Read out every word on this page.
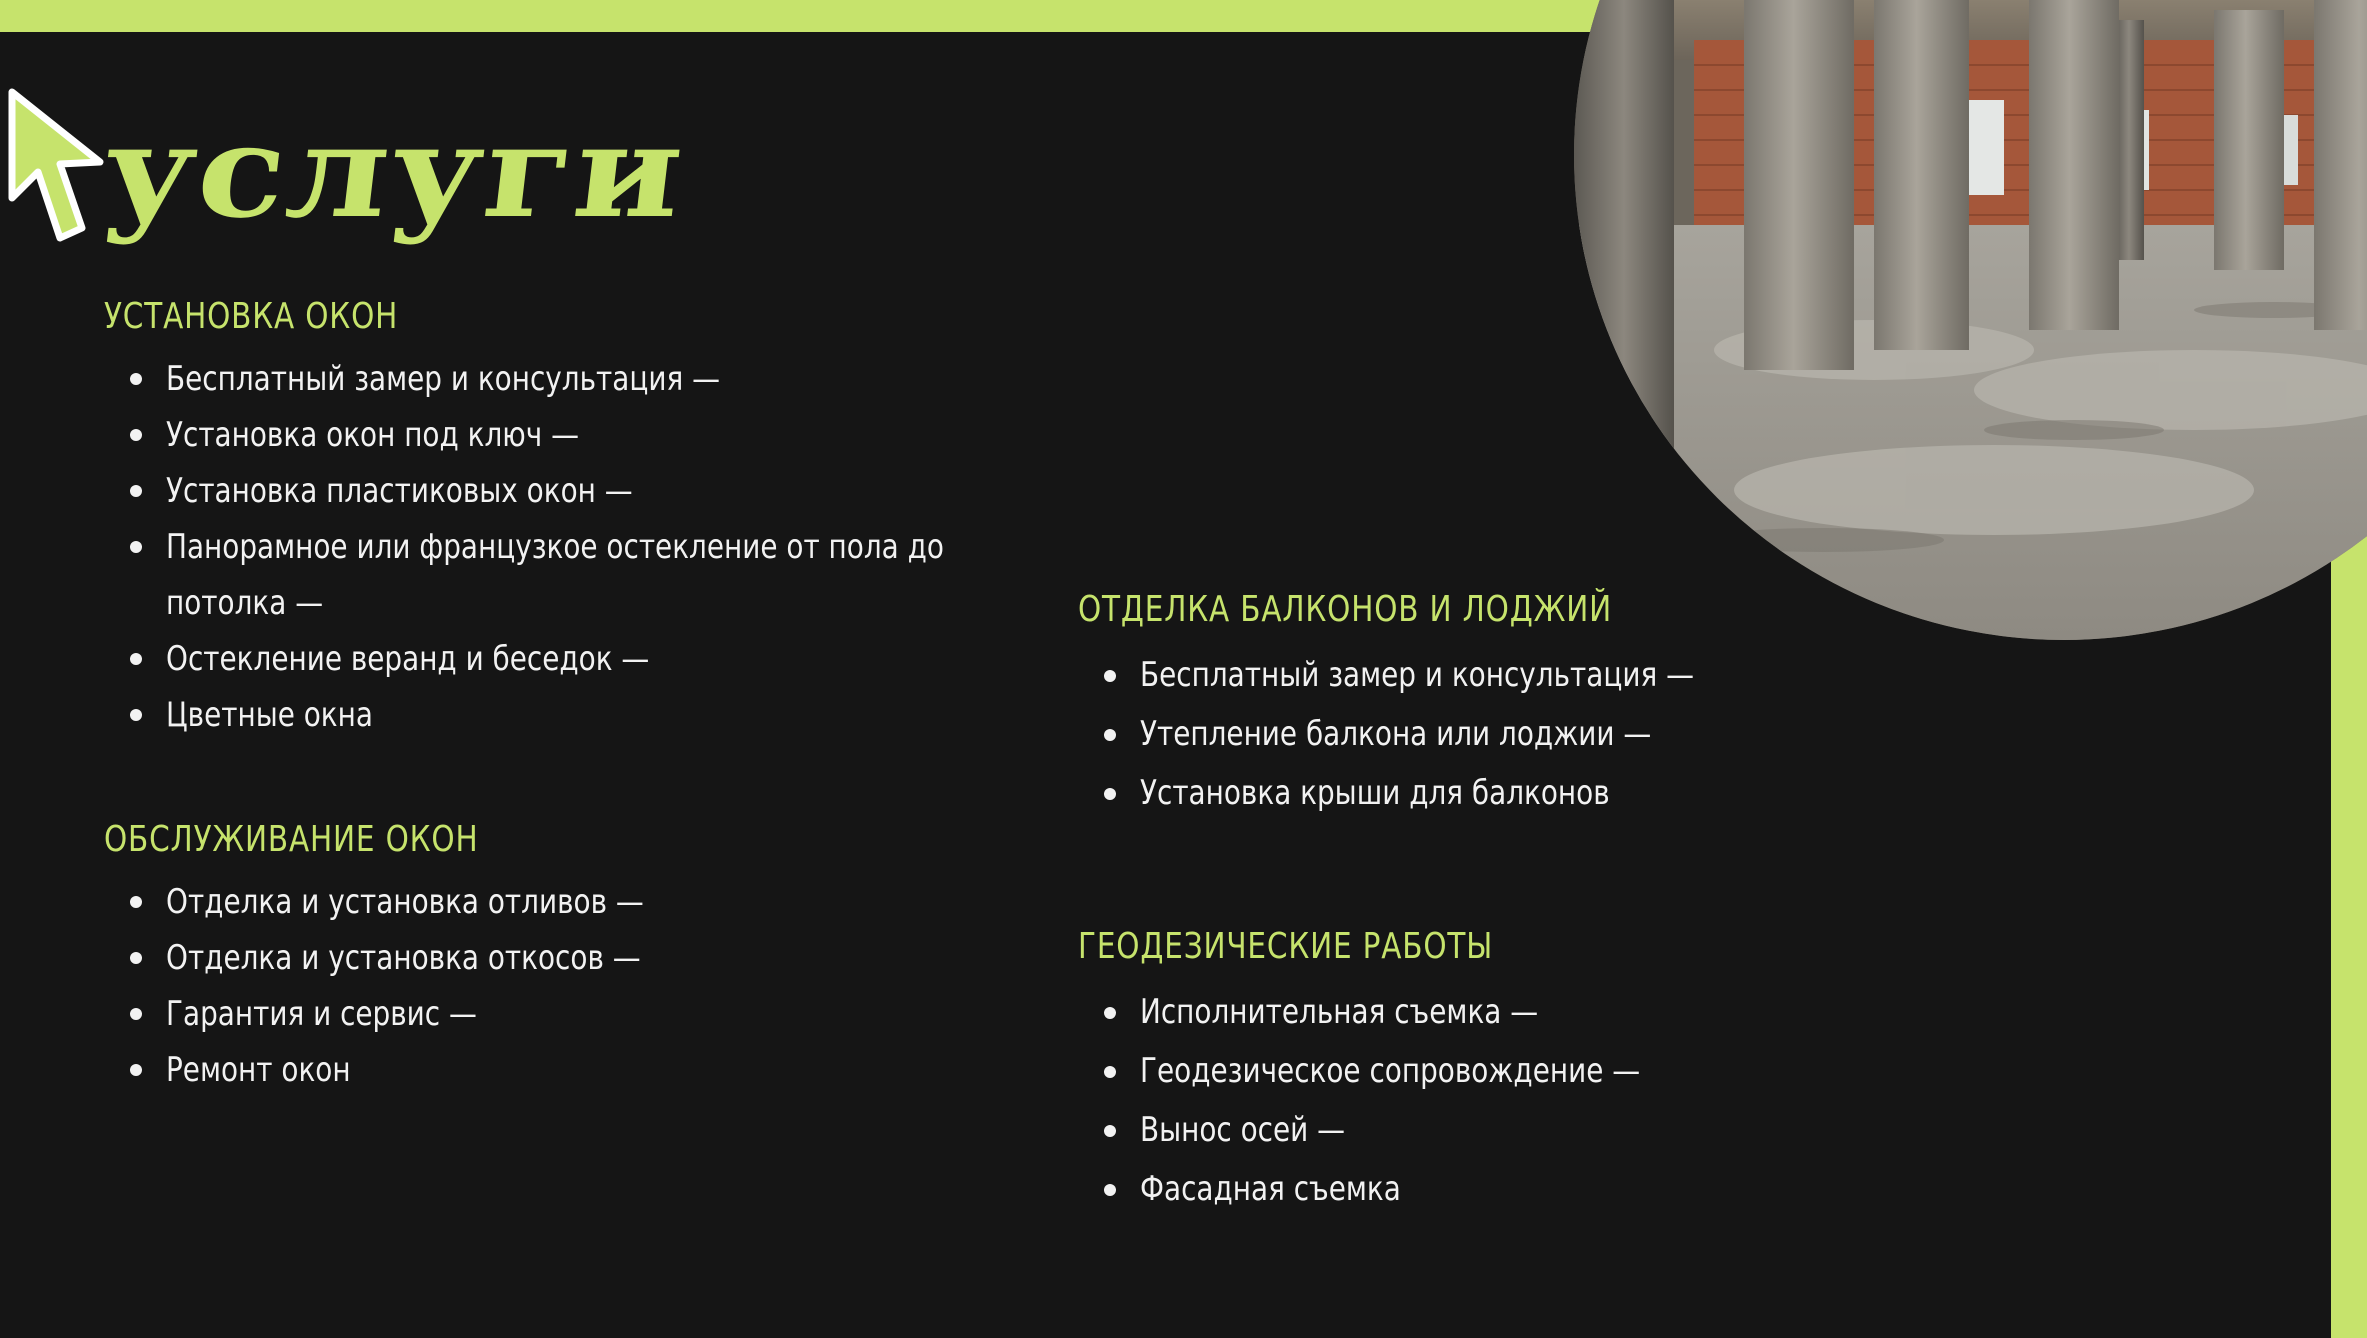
услуги
УСТАНОВКА ОКОН
Бесплатный замер и консультация —
Установка окон под ключ —
Установка пластиковых окон —
Панорамное или французкое остекление от пола до
потолка —
Остекление веранд и беседок —
Цветные окна
ОБСЛУЖИВАНИЕ ОКОН
Отделка и установка отливов —
Отделка и установка откосов —
Гарантия и сервис —
Ремонт окон
ОТДЕЛКА БАЛКОНОВ И ЛОДЖИЙ
Бесплатный замер и консультация —
Утепление балкона или лоджии —
Установка крыши для балконов
ГЕОДЕЗИЧЕСКИЕ РАБОТЫ
Исполнительная съемка —
Геодезическое сопровождение —
Вынос осей —
Фасадная съемка
